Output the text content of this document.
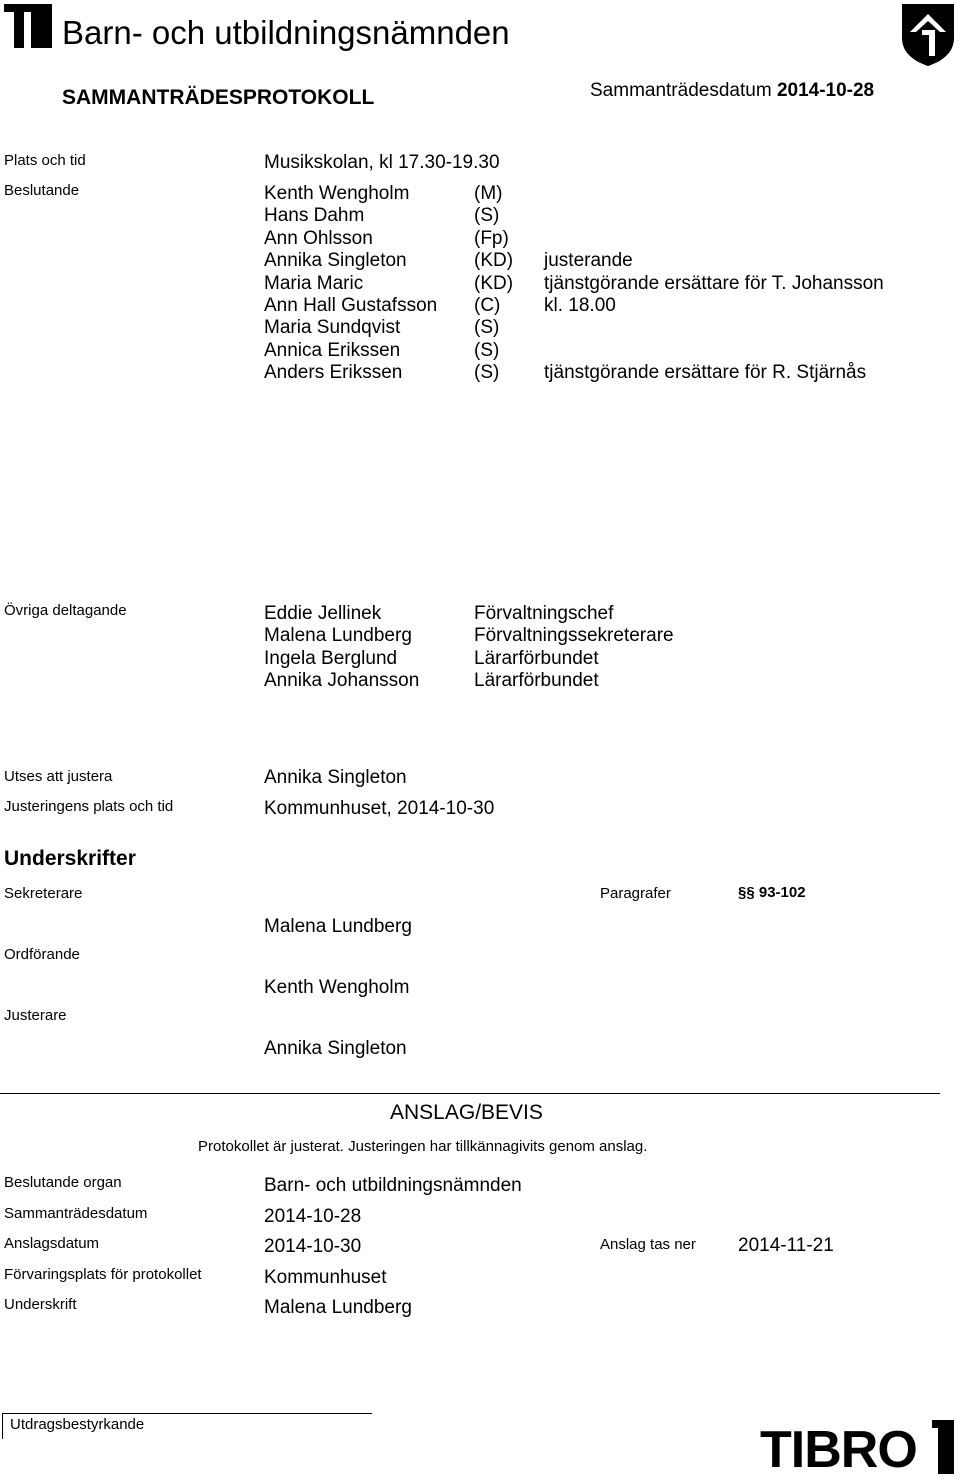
Barn- och utbildningsnämnden
SAMMANTRÄDESPROTOKOLL	Sammanträdesdatum 2014-10-28
Plats och tid	Musikskolan, kl 17.30-19.30
Beslutande	Kenth Wengholm	(M)
Hans Dahm	(S)
Ann Ohlsson	(Fp)
Annika Singleton	(KD) justerande
Maria Maric	(KD) tjänstgörande ersättare för T. Johansson
Ann Hall Gustafsson (C) kl. 18.00
Maria Sundqvist	(S)
Annica Erikssen	(S)
Anders Erikssen	(S) tjänstgörande ersättare för R. Stjärnås
Övriga deltagande	Eddie Jellinek	Förvaltningschef
Malena Lundberg	Förvaltningssekreterare
Ingela Berglund	Lärarförbundet
Annika Johansson	Lärarförbundet
Utses att justera	Annika Singleton
Justeringens plats och tid	Kommunhuset, 2014-10-30
Underskrifter
Sekreterare	Paragrafer	§§ 93-102
Malena Lundberg
Ordförande
Kenth Wengholm
Justerare
Annika Singleton
ANSLAG/BEVIS
Protokollet är justerat. Justeringen har tillkännagivits genom anslag.
Beslutande organ	Barn- och utbildningsnämnden
Sammanträdesdatum	2014-10-28
Anslagsdatum	2014-10-30
Förvaringsplats för protokollet	Kommunhuset
Underskrift	Malena Lundberg
Anslag tas ner 2014-11-21
Utdragsbestyrkande	TIBRO
